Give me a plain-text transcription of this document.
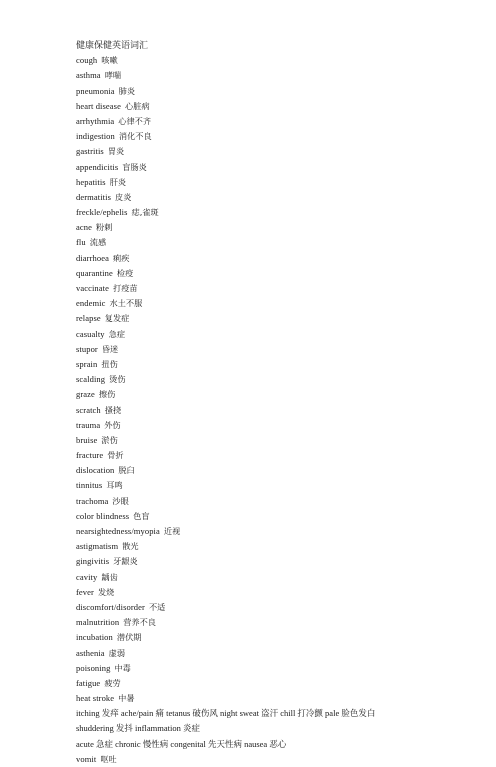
健康保健英语词汇
cough 咳嗽
asthma 哮喘
pneumonia 肺炎
heart disease 心脏病
arrhythmia 心律不齐
indigestion 消化不良
gastritis 胃炎
appendicitis 盲肠炎
hepatitis 肝炎
dermatitis 皮炎
freckle/ephelis 痣,雀斑
acne 粉刺
flu 流感
diarrhoea 痢疾
quarantine 检疫
vaccinate 打疫苗
endemic 水土不服
relapse 复发症
casualty 急症
stupor 昏迷
sprain 扭伤
scalding 烫伤
graze 擦伤
scratch 搔挠
trauma 外伤
bruise 淤伤
fracture 骨折
dislocation 脱臼
tinnitus 耳鸣
trachoma 沙眼
color blindness 色盲
nearsightedness/myopia 近视
astigmatism 散光
gingivitis 牙龈炎
cavity 龋齿
fever 发烧
discomfort/disorder 不适
malnutrition 营养不良
incubation 潜伏期
asthenia 虚弱
poisoning 中毒
fatigue 疲劳
heat stroke 中暑
itching 发痒 ache/pain 痛 tetanus 破伤风 night sweat 盗汗 chill 打冷颤 pale 脸色发白 shuddering 发抖 inflammation 炎症
acute 急症 chronic 慢性病 congenital 先天性病 nausea 恶心
vomit 呕吐
